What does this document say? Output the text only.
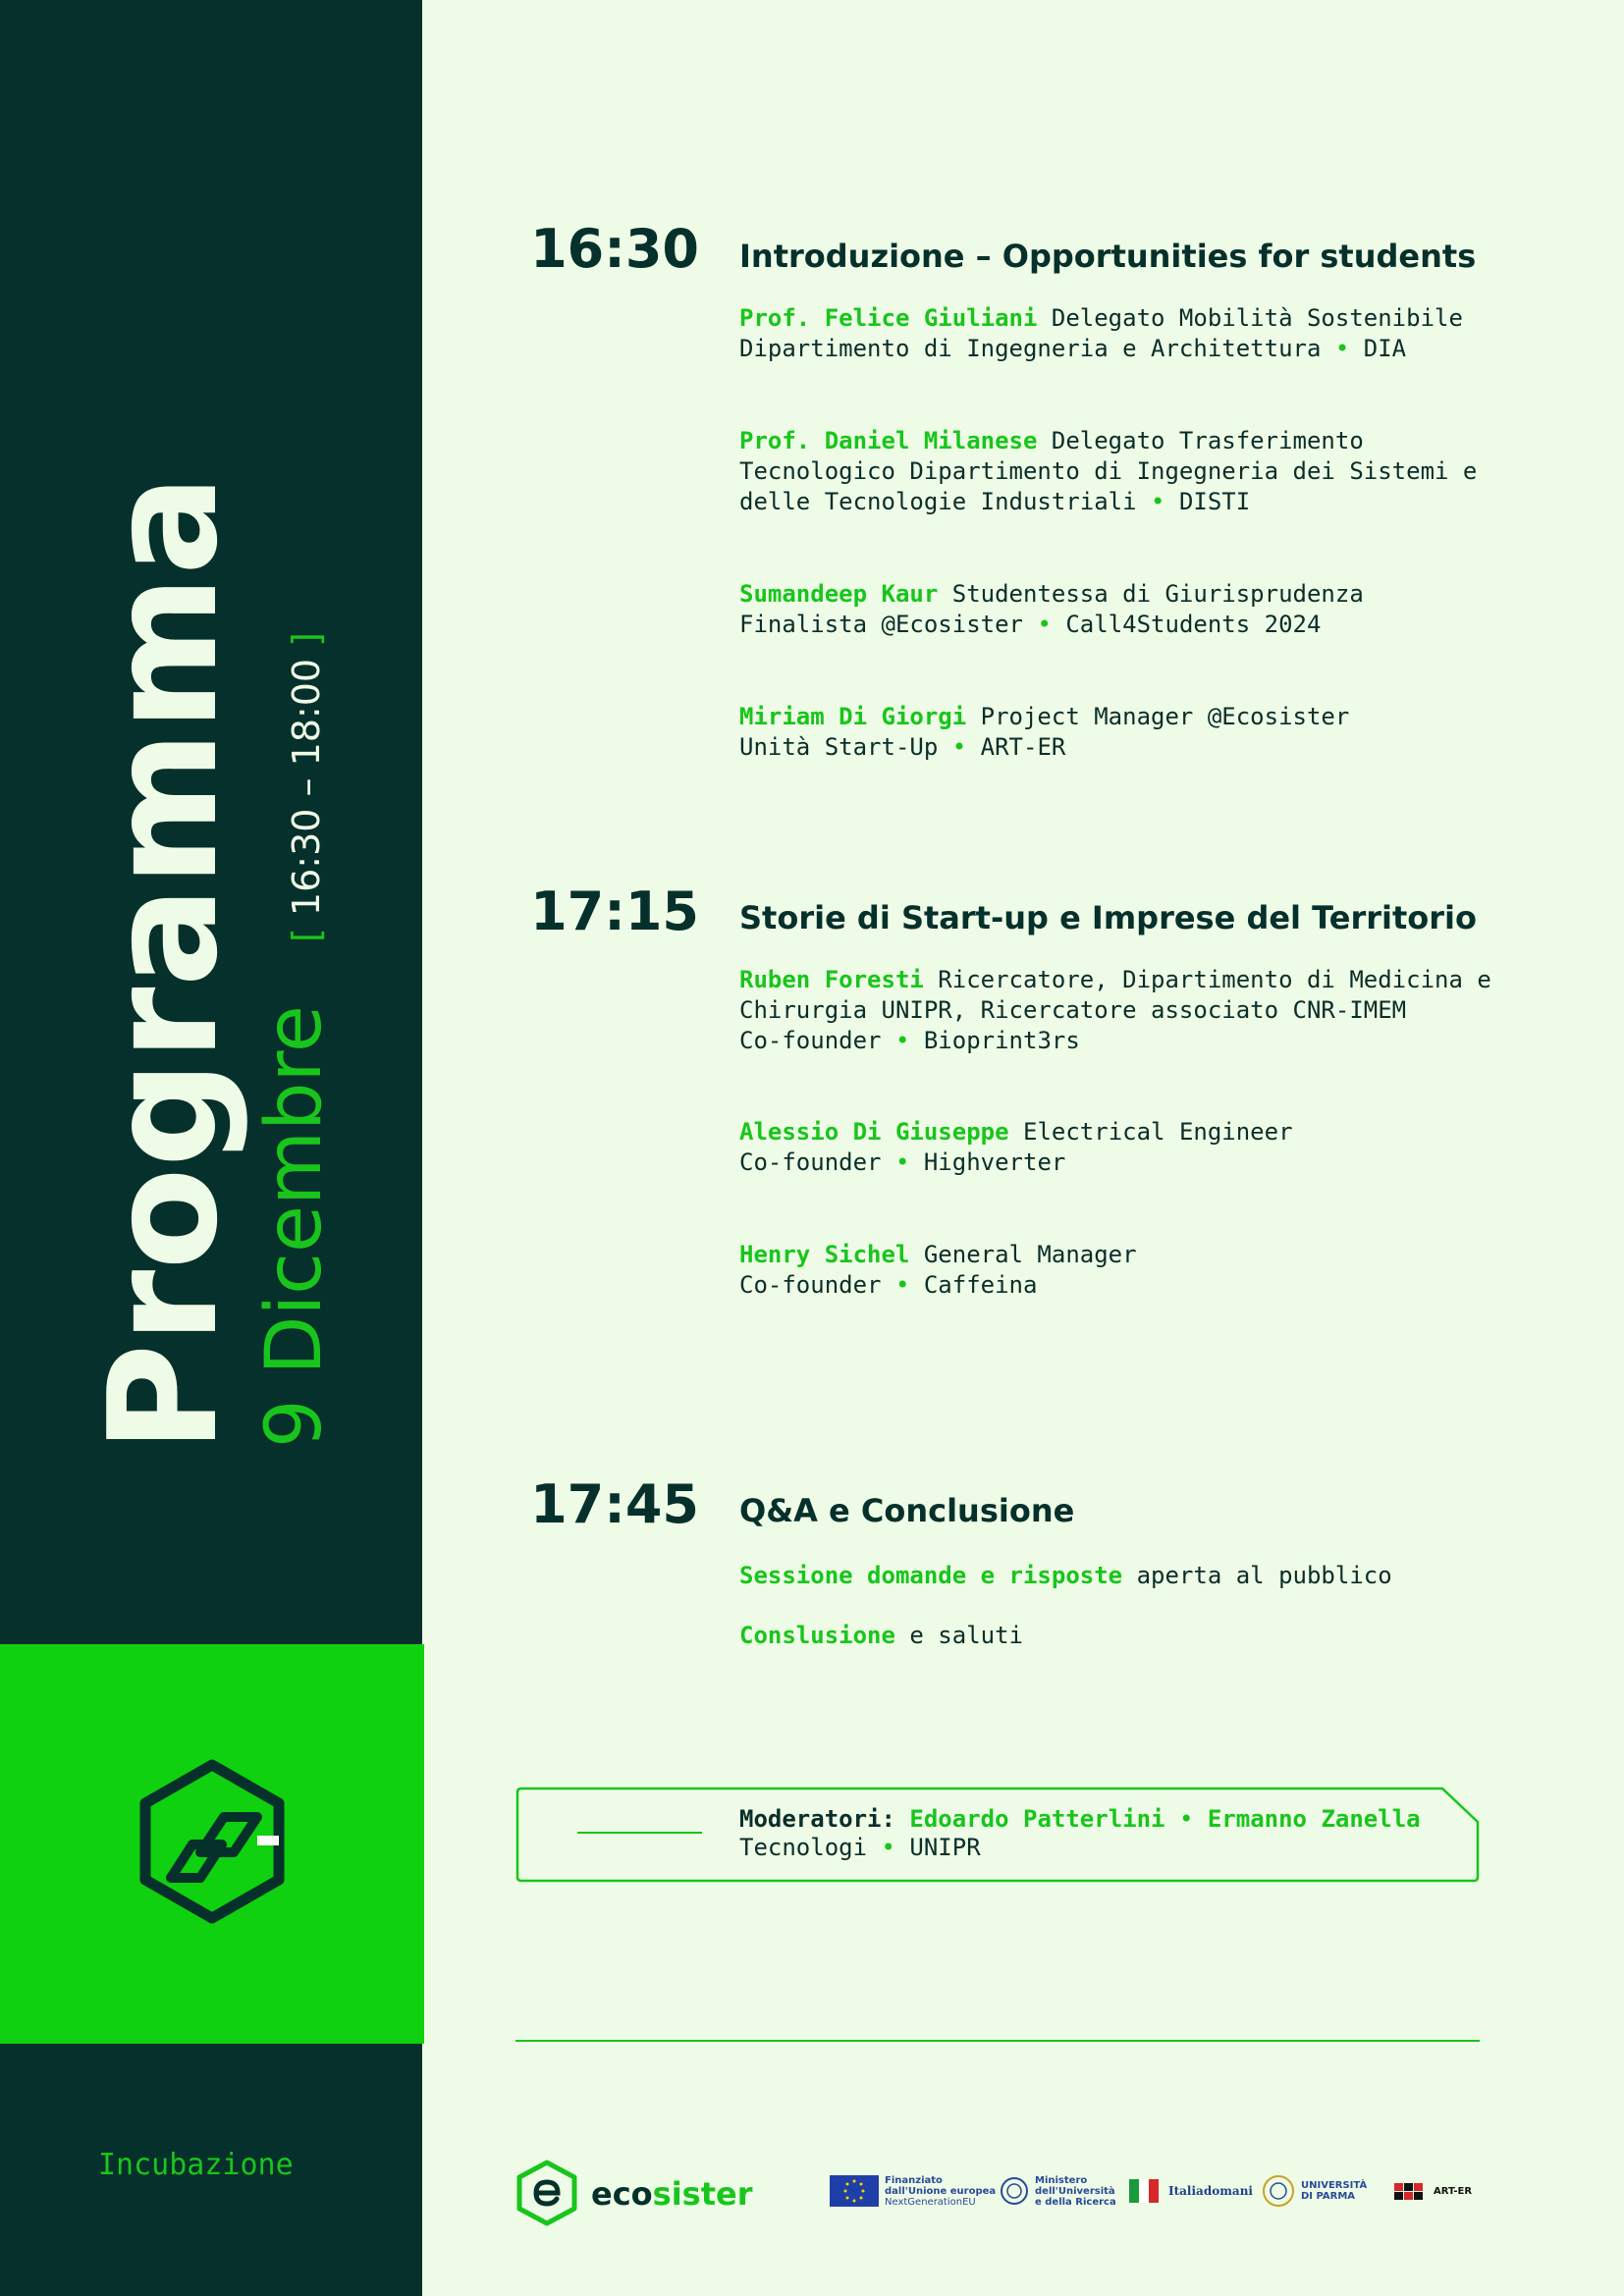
Programma 9 Dicembre
[ 16:30 – 18:00 ]
Incubazione
16:30 Introduzione – Opportunities for students
Prof. Felice Giuliani Delegato Mobilità Sostenibile
Dipartimento di Ingegneria e Architettura • DIA
Prof. Daniel Milanese Delegato Trasferimento
Tecnologico Dipartimento di Ingegneria dei Sistemi e
delle Tecnologie Industriali • DISTI
Sumandeep Kaur Studentessa di Giurisprudenza
Finalista @Ecosister • Call4Students 2024
Miriam Di Giorgi Project Manager @Ecosister
Unità Start-Up • ART-ER
17:15 Storie di Start-up e Imprese del Territorio
Ruben Foresti Ricercatore, Dipartimento di Medicina e
Chirurgia UNIPR, Ricercatore associato CNR-IMEM
Co-founder • Bioprint3rs
Alessio Di Giuseppe Electrical Engineer
Co-founder • Highverter
Henry Sichel General Manager
Co-founder • Caffeina
17:45 Q&A e Conclusione
Sessione domande e risposte aperta al pubblico
Conslusione e saluti
Moderatori: Edoardo Patterlini • Ermanno Zanella
Tecnologi • UNIPR
ecosister	Finanziato
dall'Unione europea
NextGenerationEU
Ministero
dell'Università
e della Ricerca
Italiadomani	UNIVERSITÀ
DI PARMA	ART-ER
